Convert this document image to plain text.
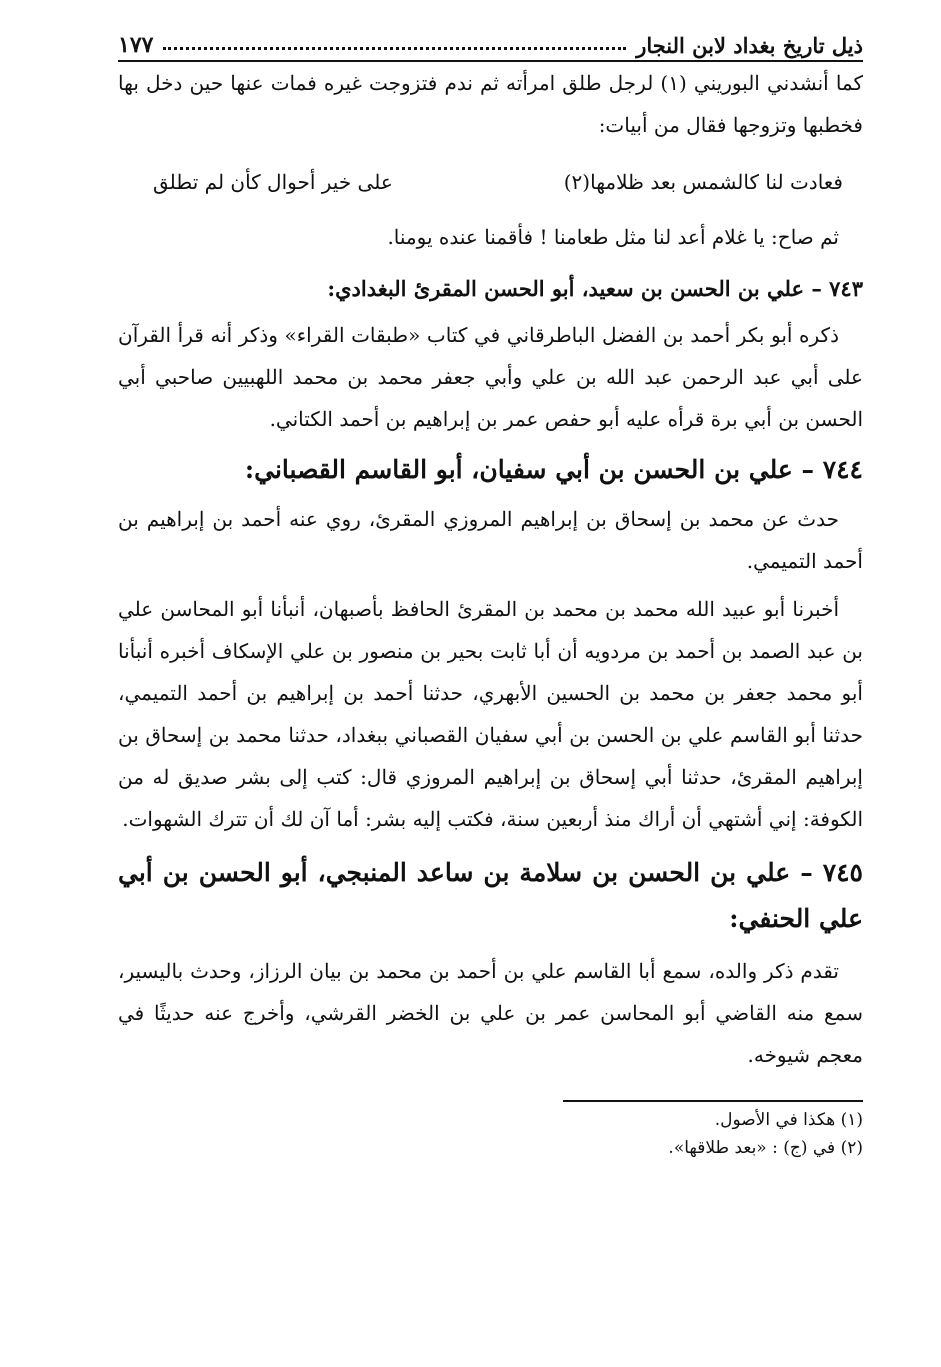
ذيل تاريخ بغداد لابن النجار
١٧٧

كما أنشدني البوريني (١) لرجل طلق امرأته ثم ندم فتزوجت غيره فمات عنها حين دخل بها فخطبها وتزوجها فقال من أبيات:

فعادت لنا كالشمس بعد ظلامها(٢)
على خير أحوال كأن لم تطلق

ثم صاح: يا غلام أعد لنا مثل طعامنا ! فأقمنا عنده يومنا.

٧٤٣ – علي بن الحسن بن سعيد، أبو الحسن المقرئ البغدادي:

ذكره أبو بكر أحمد بن الفضل الباطرقاني في كتاب «طبقات القراء» وذكر أنه قرأ القرآن على أبي عبد الرحمن عبد الله بن علي وأبي جعفر محمد بن محمد اللهبيين صاحبي أبي الحسن بن أبي برة قرأه عليه أبو حفص عمر بن إبراهيم بن أحمد الكتاني.

٧٤٤ – علي بن الحسن بن أبي سفيان، أبو القاسم القصباني:

حدث عن محمد بن إسحاق بن إبراهيم المروزي المقرئ، روي عنه أحمد بن إبراهيم بن أحمد التميمي.

أخبرنا أبو عبيد الله محمد بن محمد بن المقرئ الحافظ بأصبهان، أنبأنا أبو المحاسن علي بن عبد الصمد بن أحمد بن مردويه أن أبا ثابت بحير بن منصور بن علي الإسكاف أخبره أنبأنا أبو محمد جعفر بن محمد بن الحسين الأبهري، حدثنا أحمد بن إبراهيم بن أحمد التميمي، حدثنا أبو القاسم علي بن الحسن بن أبي سفيان القصباني ببغداد، حدثنا محمد بن إسحاق بن إبراهيم المقرئ، حدثنا أبي إسحاق بن إبراهيم المروزي قال: كتب إلى بشر صديق له من الكوفة: إني أشتهي أن أراك منذ أربعين سنة، فكتب إليه بشر: أما آن لك أن تترك الشهوات.

٧٤٥ – علي بن الحسن بن سلامة بن ساعد المنبجي، أبو الحسن بن أبي علي الحنفي:

تقدم ذكر والده، سمع أبا القاسم علي بن أحمد بن محمد بن بيان الرزاز، وحدث باليسير، سمع منه القاضي أبو المحاسن عمر بن علي بن الخضر القرشي، وأخرج عنه حديثًا في معجم شيوخه.

(١) هكذا في الأصول.
(٢) في (ج) : «بعد طلاقها».
